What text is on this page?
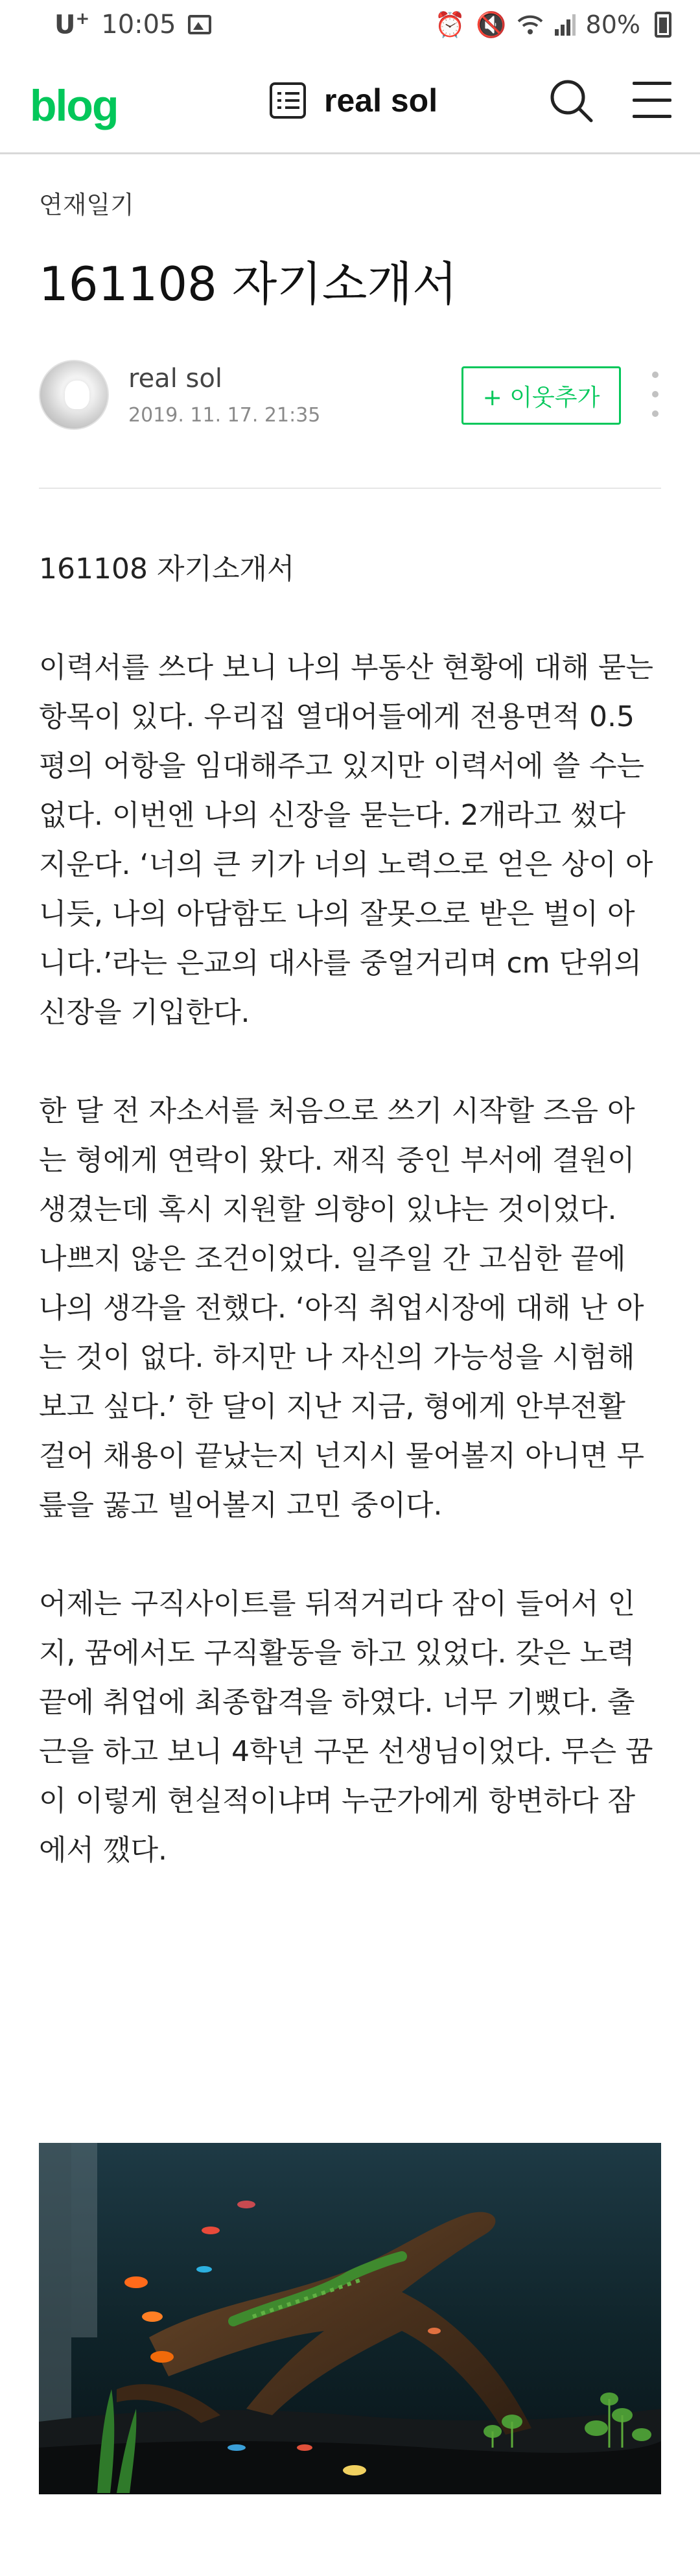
U+ 10:05	⏰ 🔇	80%
blog	real sol
연재일기
161108 자기소개서
real sol
2019. 11. 17. 21:35
+ 이웃추가

161108 자기소개서

이력서를 쓰다 보니 나의 부동산 현황에 대해 묻는

항목이 있다. 우리집 열대어들에게 전용면적 0.5

평의 어항을 임대해주고 있지만 이력서에 쓸 수는

없다. 이번엔 나의 신장을 묻는다. 2개라고 썼다

지운다. ‘너의 큰 키가 너의 노력으로 얻은 상이 아

니듯, 나의 아담함도 나의 잘못으로 받은 벌이 아

니다.’라는 은교의 대사를 중얼거리며 cm 단위의

신장을 기입한다.

한 달 전 자소서를 처음으로 쓰기 시작할 즈음 아

는 형에게 연락이 왔다. 재직 중인 부서에 결원이

생겼는데 혹시 지원할 의향이 있냐는 것이었다.

나쁘지 않은 조건이었다. 일주일 간 고심한 끝에

나의 생각을 전했다. ‘아직 취업시장에 대해 난 아

는 것이 없다. 하지만 나 자신의 가능성을 시험해

보고 싶다.’ 한 달이 지난 지금, 형에게 안부전활

걸어 채용이 끝났는지 넌지시 물어볼지 아니면 무

릎을 꿇고 빌어볼지 고민 중이다.

어제는 구직사이트를 뒤적거리다 잠이 들어서 인

지, 꿈에서도 구직활동을 하고 있었다. 갖은 노력

끝에 취업에 최종합격을 하였다. 너무 기뻤다. 출

근을 하고 보니 4학년 구몬 선생님이었다. 무슨 꿈

이 이렇게 현실적이냐며 누군가에게 항변하다 잠

에서 깼다.
